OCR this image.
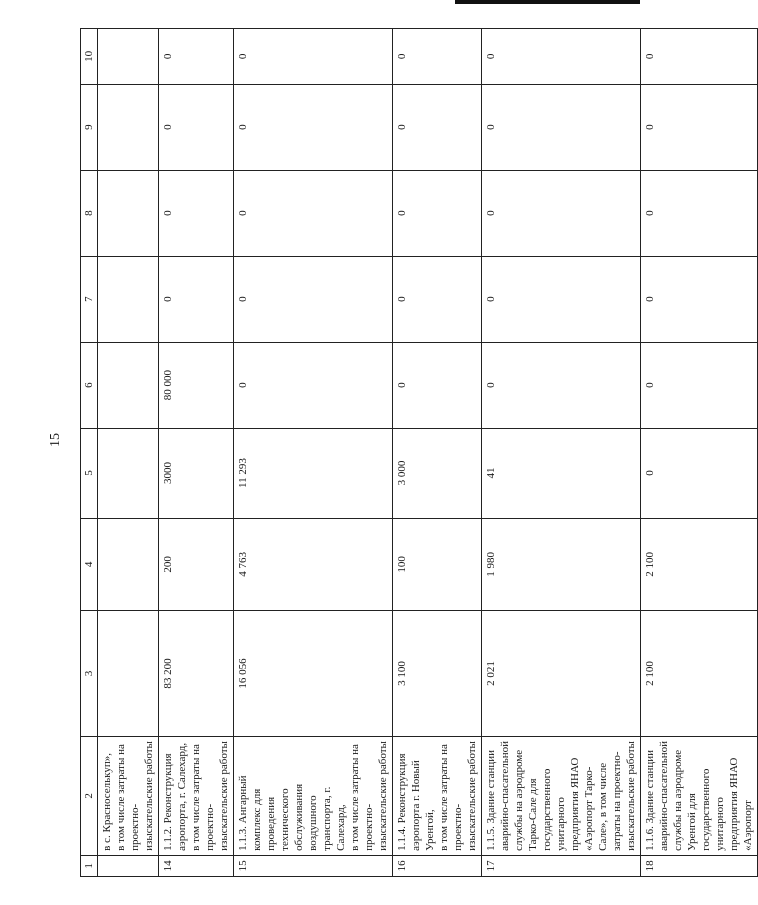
15
1	2	3	4	5	6	7	8	9	10
	в с. Красноселькуп»,
в том числе затраты на проектно-изыскательские работы								
14	1.1.2. Реконструкция аэропорта, г. Салехард, в том числе затраты на проектно-изыскательские работы	83 200	200	3000	80 000	0	0	0	0
15	1.1.3. Ангарный комплекс для проведения технического обслуживания воздушного транспорта, г. Салехард,
в том числе затраты на проектно-изыскательские работы	16 056	4 763	11 293	0	0	0	0	0
16	1.1.4. Реконструкция аэропорта г. Новый Уренгой,
в том числе затраты на проектно-изыскательские работы	3 100	100	3 000	0	0	0	0	0
17	1.1.5. Здание станции аварийно-спасательной службы на аэродроме Тарко-Сале для государственного унитарного предприятия ЯНАО «Аэропорт Тарко-Сале», в том числе затраты на проектно-изыскательские работы	2 021	1 980	41	0	0	0	0	0
18	1.1.6. Здание станции аварийно-спасательной службы на аэродроме Уренгой для государственного унитарного предприятия ЯНАО «Аэропорт	2 100	2 100	0	0	0	0	0	0
